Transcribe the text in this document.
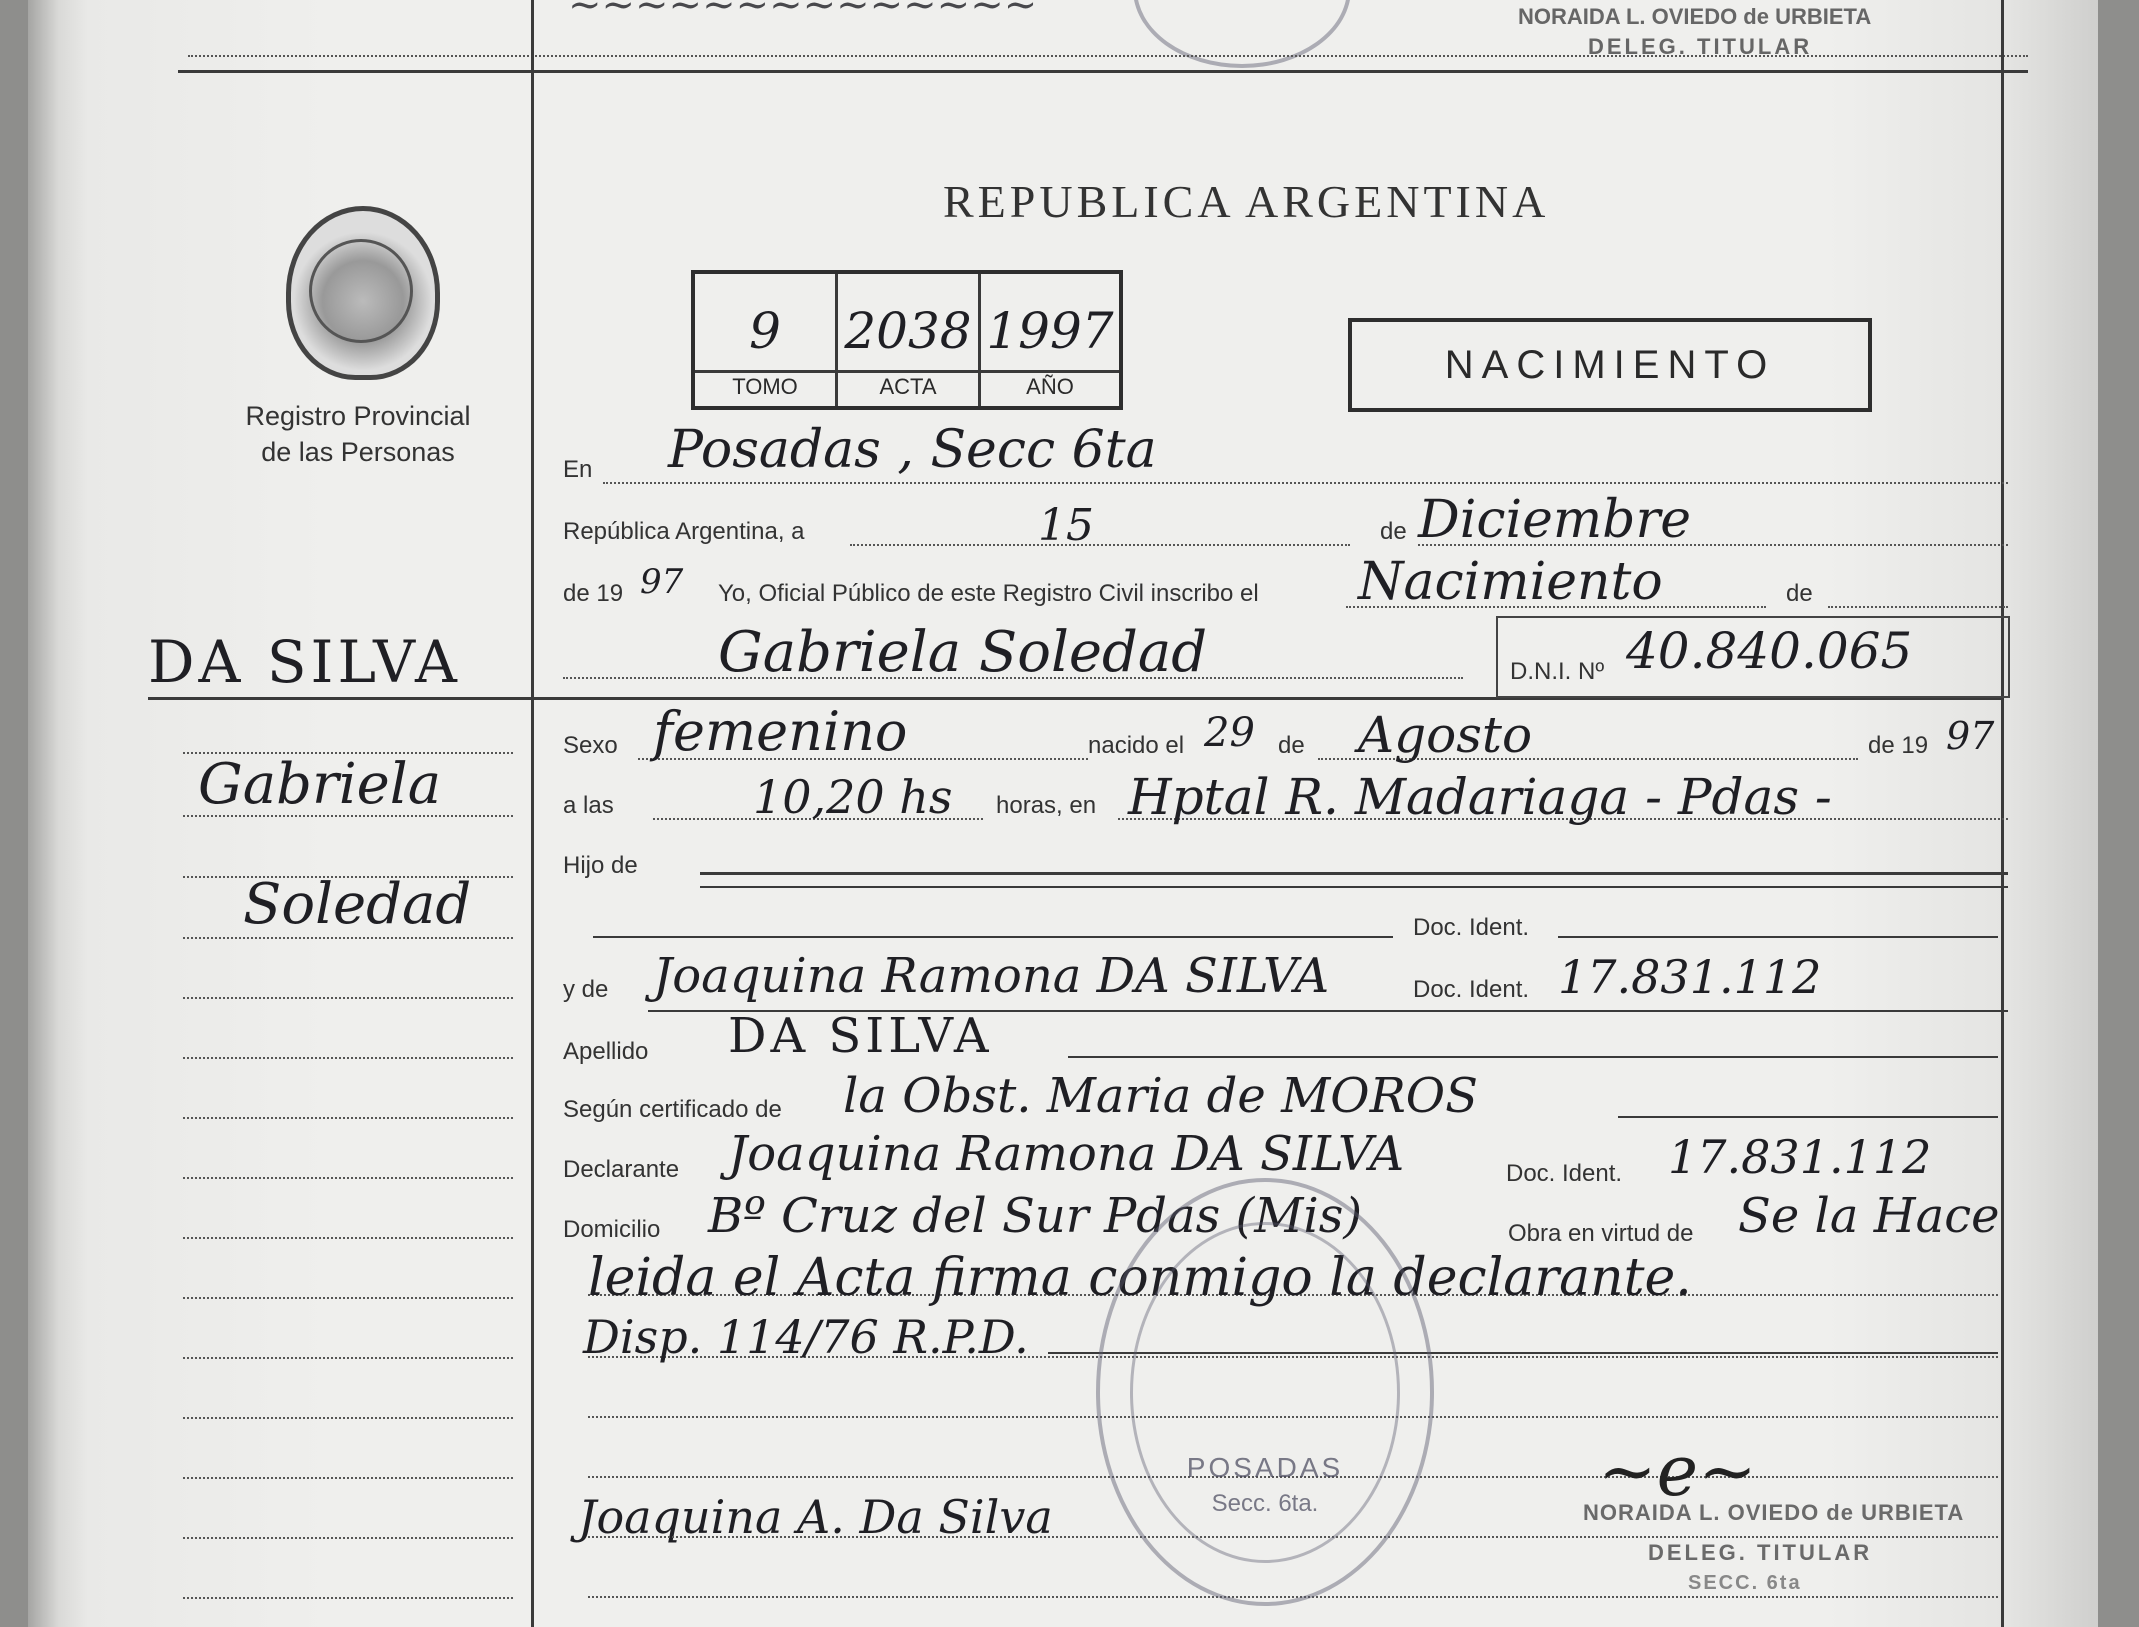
~~~~~~~~~~~~~~	NORAIDA L. OVIEDO de URBIETA
DELEG. TITULAR
Registro Provincial
de las Personas
REPUBLICA ARGENTINA
9	2038 1997
TOMO	ACTA	AÑO	NACIMIENTO
En Posadas , Secc 6ta
República Argentina, a	15	de Diciembre
de 19 97 Yo, Oficial Público de este Registro Civil inscribo el Nacimiento	de
Gabriela Soledad	D.N.I. Nº 40.840.065
DA SILVA
Gabriela
Soledad
Joaquina A. Da Silva
Sexo femenino	nacido el 29 de Agosto	de 19 97
a las	10,20 hs horas, en Hptal R. Madariaga - Pdas -
Hijo de
Doc. Ident.
y de Joaquina Ramona DA SILVA	Doc. Ident. 17.831.112
Apellido DA SILVA
Según certificado de la Obst. Maria de MOROS
Declarante Joaquina Ramona DA SILVA	Doc. Ident. 17.831.112
Domicilio Bº Cruz del Sur Pdas (Mis)	Obra en virtud de Se la Hace
leida el Acta firma conmigo la declarante.
Disp. 114/76 R.P.D.
POSADAS
Secc. 6ta.	~e~
NORAIDA L. OVIEDO de URBIETA
DELEG. TITULAR
SECC. 6ta
